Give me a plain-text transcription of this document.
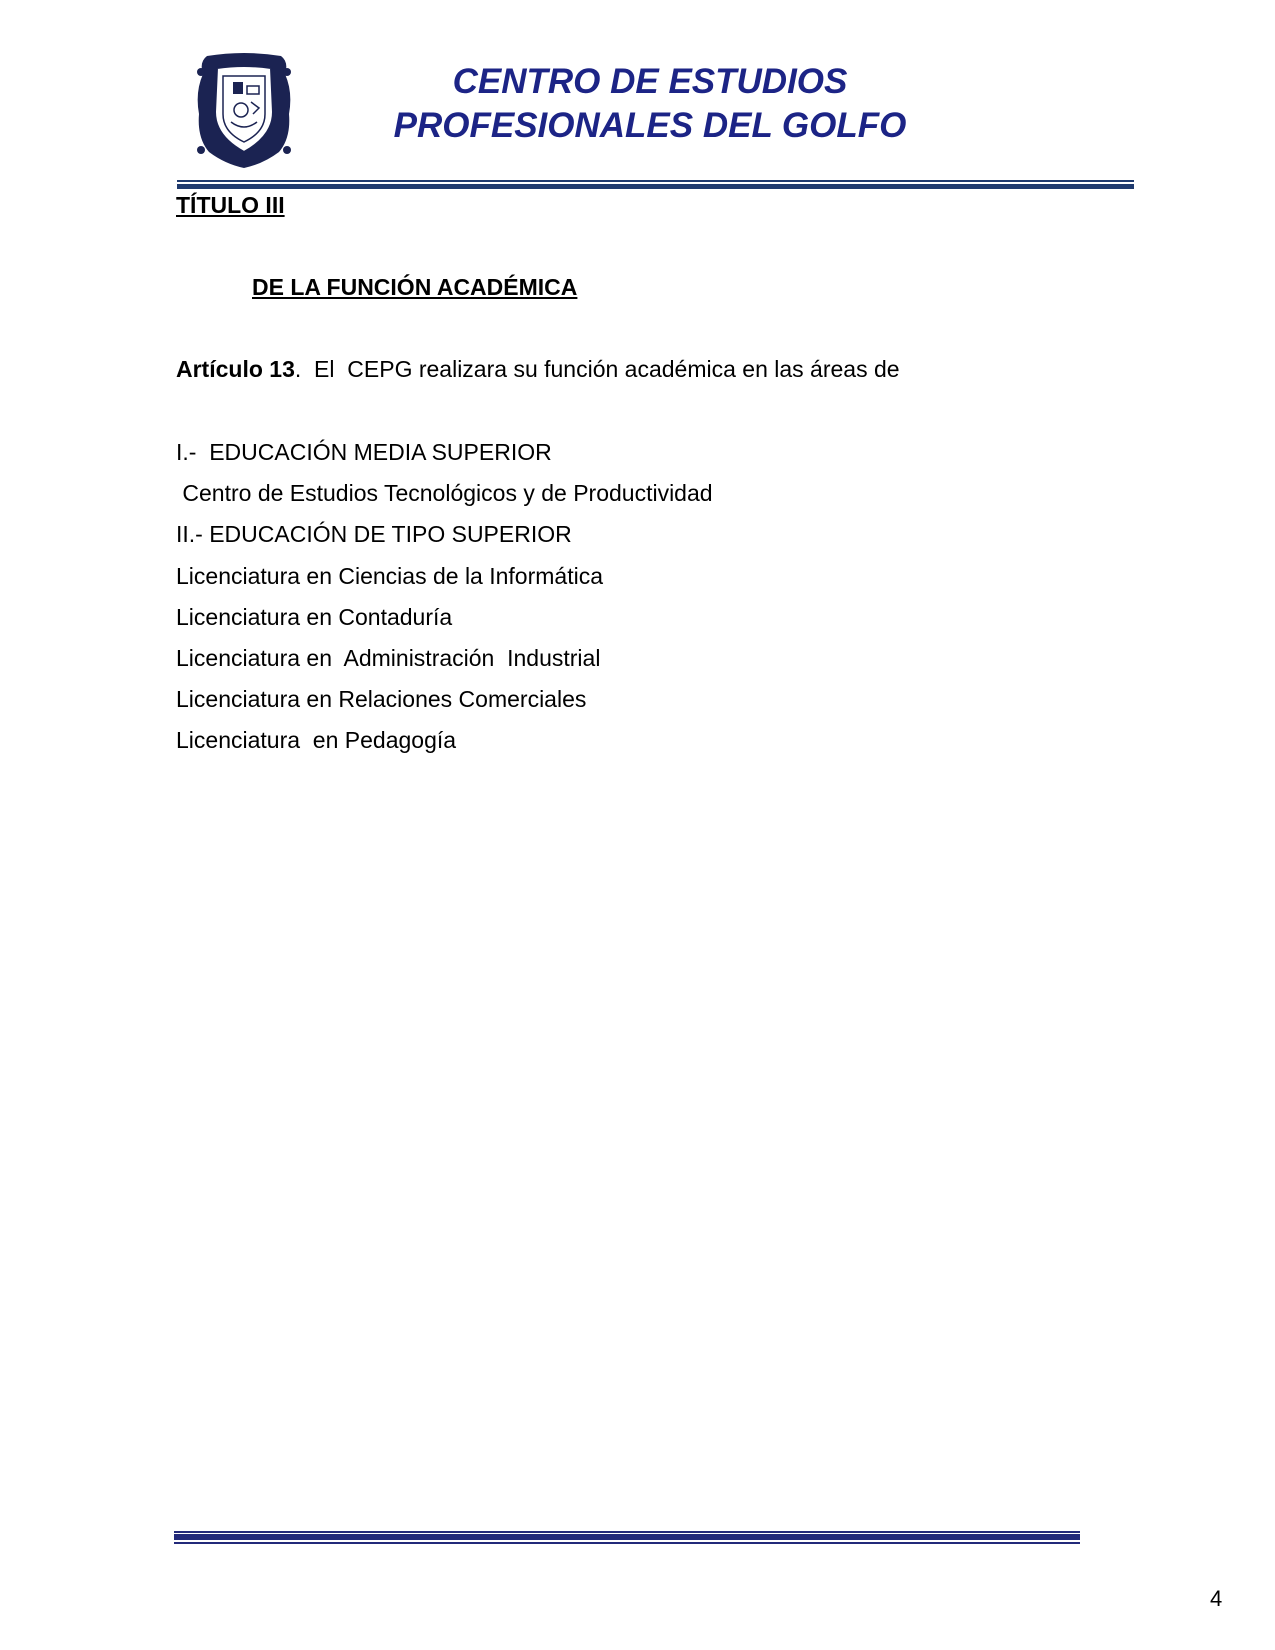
CENTRO DE ESTUDIOS
PROFESIONALES DEL GOLFO
TÍTULO III
DE LA FUNCIÓN ACADÉMICA
Artículo 13.  El  CEPG realizara su función académica en las áreas de
I.-  EDUCACIÓN MEDIA SUPERIOR
Centro de Estudios Tecnológicos y de Productividad
II.- EDUCACIÓN DE TIPO SUPERIOR
Licenciatura en Ciencias de la Informática
Licenciatura en Contaduría
Licenciatura en  Administración  Industrial
Licenciatura en Relaciones Comerciales
Licenciatura  en Pedagogía
4
